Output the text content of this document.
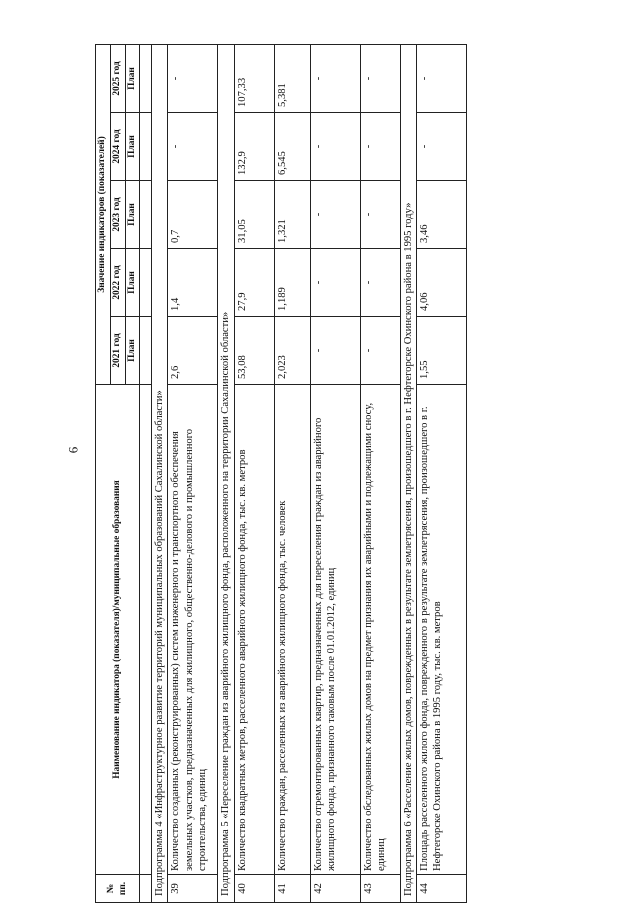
6
№ пп.	Наименование индикатора (показателя)/муниципальные образования	Значение индикаторов (показателей)				
		2021 год	2022 год	2023 год	2024 год	2025 год
		План	План	План	План	План

Подпрограмма 4 «Инфраструктурное развитие территорий муниципальных образований Сахалинской области»						
39	Количество созданных (реконструированных) систем инженерного и транспортного обеспечения земельных участков, предназначенных для жилищного, общественно-делового и промышленного строительства, единиц	2,6	1,4	0,7	-	-
Подпрограмма 5 «Переселение граждан из аварийного жилищного фонда, расположенного на территории Сахалинской области»						
40	Количество квадратных метров, расселенного аварийного жилищного фонда, тыс. кв. метров	53,08	27,9	31,05	132,9	107,33
41	Количество граждан, расселенных из аварийного жилищного фонда, тыс. человек	2,023	1,189	1,321	6,545	5,381
42	Количество отремонтированных квартир, предназначенных для переселения граждан из аварийного жилищного фонда, признанного таковым после 01.01.2012, единиц	-	-	-	-	-
43	Количество обследованных жилых домов на предмет признания их аварийными и подлежащими сносу, единиц	-	-	-	-	-
Подпрограмма 6 «Расселение жилых домов, поврежденных в результате землетрясения, произошедшего в г. Нефтегорске Охинского района в 1995 году»						
44	Площадь расселенного жилого фонда, поврежденного в результате землетрясения, произошедшего в г. Нефтегорске Охинского района в 1995 году, тыс. кв. метров	1,55	4,06	3,46	-	-
